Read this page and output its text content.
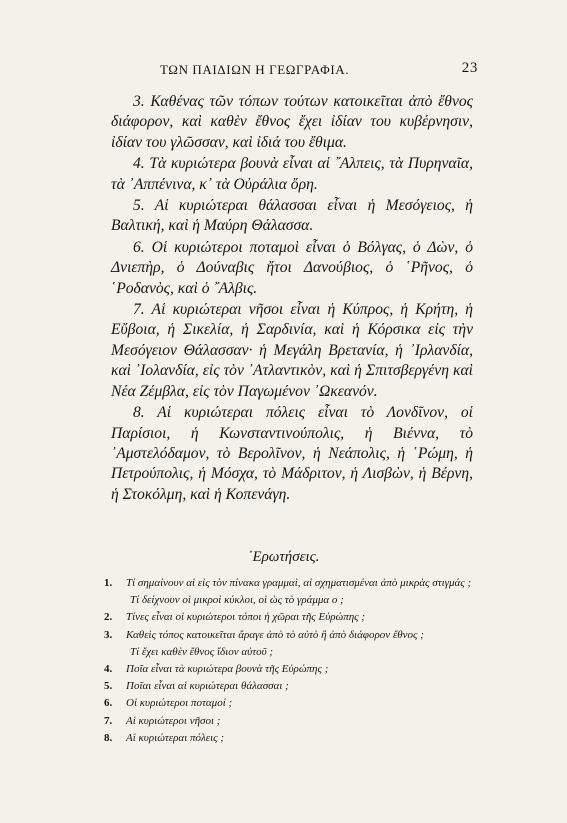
ΤΩΝ ΠΑΙΔΙΩΝ Η ΓΕΩΓΡΑΦΙΑ.	23

3. Καθένας τῶν τόπων τούτων κατοικεῖται ἀπὸ ἔθνος διάφορον, καὶ καθὲν ἔθνος ἔχει ἰδίαν του κυβέρνησιν, ἰδίαν του γλῶσσαν, καὶ ἰδιά του ἔθιμα.

4. Τὰ κυριώτερα βουνὰ εἶναι αἱ ῎Αλπεις, τὰ Πυρηναῖα, τὰ ᾿Αππένινα, κ᾽ τὰ Οὐράλια ὄρη.

5. Αἱ κυριώτεραι θάλασσαι εἶναι ἡ Μεσόγειος, ἡ Βαλτική, καὶ ἡ Μαύρη Θάλασσα.

6. Οἱ κυριώτεροι ποταμοὶ εἶναι ὁ Βόλγας, ὁ Δὼν, ὁ Δνιεπὴρ, ὁ Δούναβις ἤτοι Δανούβιος, ὁ ῾Ρῆνος, ὁ ῾Ροδανὸς, καὶ ὁ ῎Αλβις.

7. Αἱ κυριώτεραι νῆσοι εἶναι ἡ Κύπρος, ἡ Κρήτη, ἡ Εὔβοια, ἡ Σικελία, ἡ Σαρδινία, καὶ ἡ Κόρσικα εἰς τὴν Μεσόγειον Θάλασσαν· ἡ Μεγάλη Βρετανία, ἡ ᾿Ιρλανδία, καὶ ᾿Ιολανδία, εἰς τὸν ᾿Ατλαντικὸν, καὶ ἡ Σπιτσβεργένη καὶ Νέα Ζέμβλα, εἰς τὸν Παγωμένον ᾿Ωκεανόν.

8. Αἱ κυριώτεραι πόλεις εἶναι τὸ Λονδῖνον, οἱ Παρίσιοι, ἡ Κωνσταντινούπολις, ἡ Βιέννα, τὸ ᾿Αμστελόδαμον, τὸ Βερολῖνον, ἡ Νεάπολις, ἡ ῾Ρώμη, ἡ Πετρούπολις, ἡ Μόσχα, τὸ Μάδριτον, ἡ Λισβὼν, ἡ Βέρνη, ἡ Στοκόλμη, καὶ ἡ Κοπενάγη.

᾿Ερωτήσεις.
1.	Τί σημαίνουν αἱ εἰς τὸν πίνακα γραμμαὶ, αἱ σχηματισμέναι ἀπὸ μικρὰς στιγμάς ;
Τί δείχνουν οἱ μικροὶ κύκλοι, οἱ ὡς τὸ γράμμα ο ;
2.	Τίνες εἶναι οἱ κυριώτεροι τόποι ἡ χῶραι τῆς Εὐρώπης ;
3.	Καθεὶς τόπος κατοικεῖται ἄραγε ἀπὸ τὸ αὐτὸ ἢ ἀπὸ διάφορον ἔθνος ;
Τί ἔχει καθὲν ἔθνος ἴδιον αὐτοῦ ;
4.	Ποῖα εἶναι τὰ κυριώτερα βουνὰ τῆς Εὐρώπης ;
5.	Ποῖαι εἶναι αἱ κυριώτεραι θάλασσαι ;
6.	Οἱ κυριώτεροι ποταμοί ;
7.	Αἱ κυριώτεροι νῆσοι ;
8.	Αἱ κυριώτεραι πόλεις ;
